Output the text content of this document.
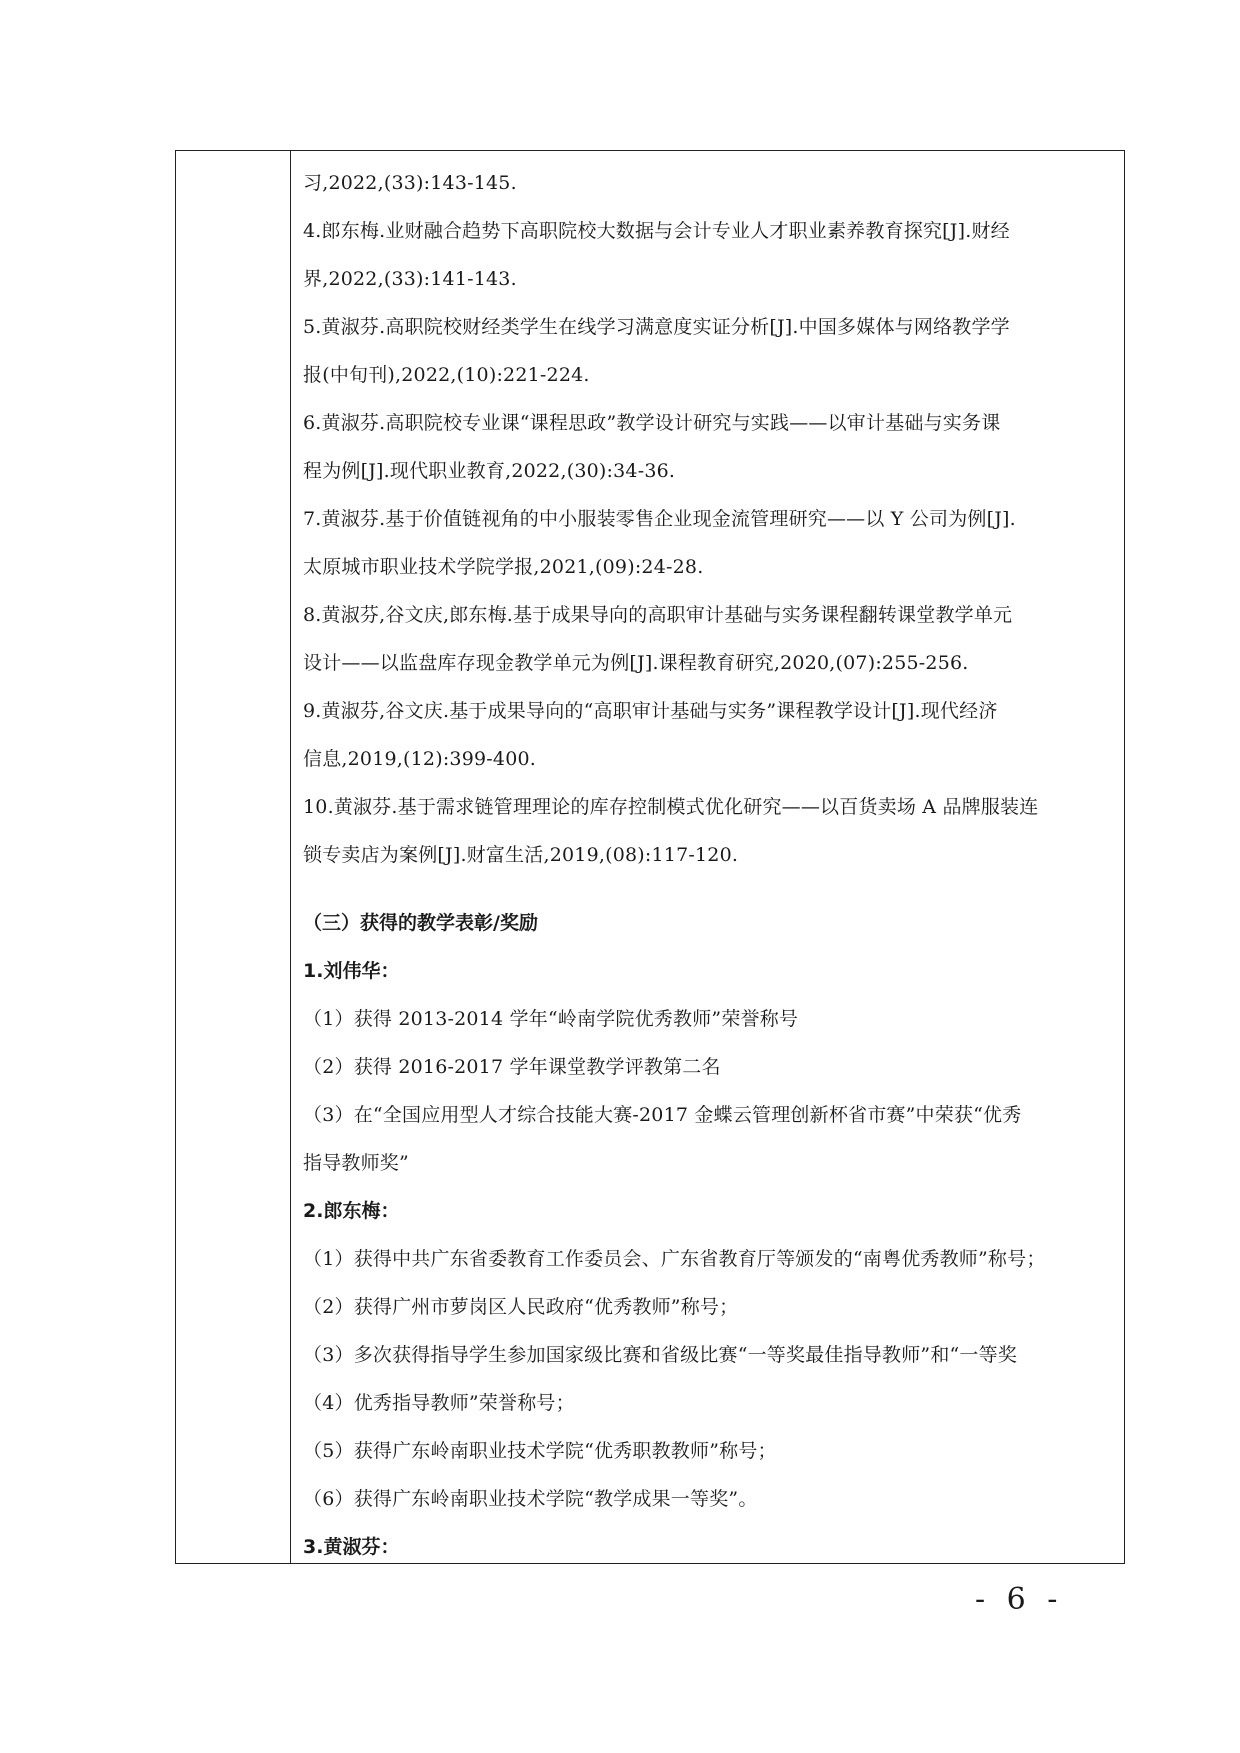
习,2022,(33):143-145.
4.郎东梅.业财融合趋势下高职院校大数据与会计专业人才职业素养教育探究[J].财经
界,2022,(33):141-143.
5.黄淑芬.高职院校财经类学生在线学习满意度实证分析[J].中国多媒体与网络教学学
报(中旬刊),2022,(10):221-224.
6.黄淑芬.高职院校专业课“课程思政”教学设计研究与实践——以审计基础与实务课
程为例[J].现代职业教育,2022,(30):34-36.
7.黄淑芬.基于价值链视角的中小服装零售企业现金流管理研究——以 Y 公司为例[J].
太原城市职业技术学院学报,2021,(09):24-28.
8.黄淑芬,谷文庆,郎东梅.基于成果导向的高职审计基础与实务课程翻转课堂教学单元
设计——以监盘库存现金教学单元为例[J].课程教育研究,2020,(07):255-256.
9.黄淑芬,谷文庆.基于成果导向的“高职审计基础与实务”课程教学设计[J].现代经济
信息,2019,(12):399-400.
10.黄淑芬.基于需求链管理理论的库存控制模式优化研究——以百货卖场 A 品牌服装连
锁专卖店为案例[J].财富生活,2019,(08):117-120.
（三）获得的教学表彰/奖励
1.刘伟华：
（1）获得 2013-2014 学年“岭南学院优秀教师”荣誉称号
（2）获得 2016-2017 学年课堂教学评教第二名
（3）在“全国应用型人才综合技能大赛-2017 金蝶云管理创新杯省市赛”中荣获“优秀
指导教师奖”
2.郎东梅：
（1）获得中共广东省委教育工作委员会、广东省教育厅等颁发的“南粤优秀教师”称号；
（2）获得广州市萝岗区人民政府“优秀教师”称号；
（3）多次获得指导学生参加国家级比赛和省级比赛“一等奖最佳指导教师”和“一等奖
（4）优秀指导教师”荣誉称号；
（5）获得广东岭南职业技术学院“优秀职教教师”称号；
（6）获得广东岭南职业技术学院“教学成果一等奖”。
3.黄淑芬：
- 6 -
